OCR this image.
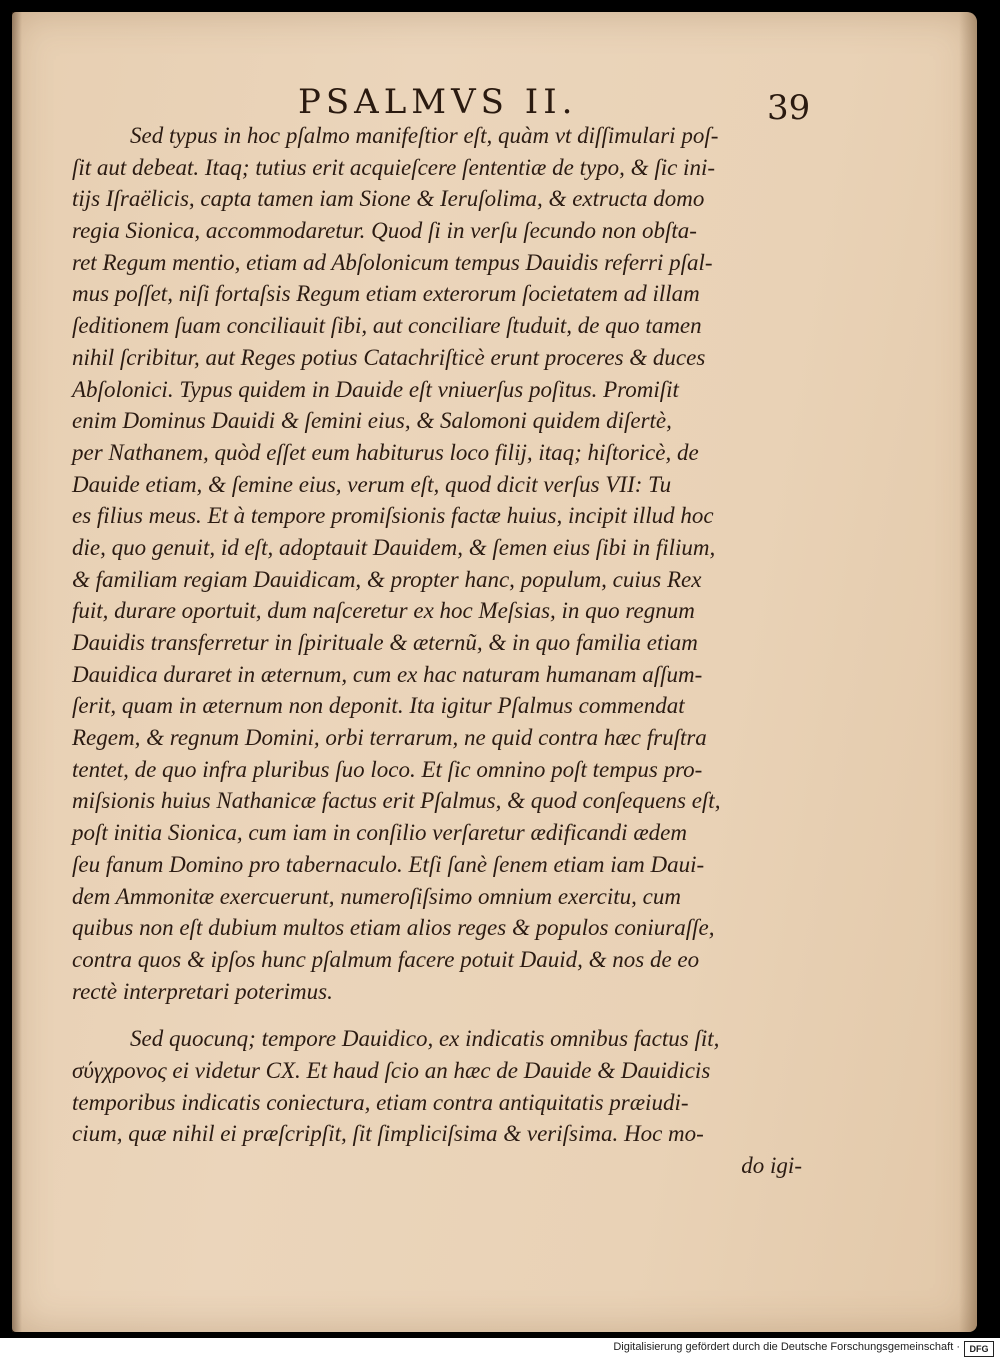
PSALMVS II.	39
Sed typus in hoc pſalmo manifeſtior eſt, quàm vt diſſimulari poſ-
ſit aut debeat. Itaq; tutius erit acquieſcere ſententiæ de typo, & ſic ini-
tijs Iſraëlicis, capta tamen iam Sione & Ieruſolima, & extructa domo
regia Sionica, accommodaretur. Quod ſi in verſu ſecundo non obſta-
ret Regum mentio, etiam ad Abſolonicum tempus Dauidis referri pſal-
mus poſſet, niſi fortaſsis Regum etiam exterorum ſocietatem ad illam
ſeditionem ſuam conciliauit ſibi, aut conciliare ſtuduit, de quo tamen
nihil ſcribitur, aut Reges potius Catachriſticè erunt proceres & duces
Abſolonici. Typus quidem in Dauide eſt vniuerſus poſitus. Promiſit
enim Dominus Dauidi & ſemini eius, & Salomoni quidem diſertè,
per Nathanem, quòd eſſet eum habiturus loco filij, itaq; hiſtoricè, de
Dauide etiam, & ſemine eius, verum eſt, quod dicit verſus VII: Tu
es filius meus. Et à tempore promiſsionis factæ huius, incipit illud hoc
die, quo genuit, id eſt, adoptauit Dauidem, & ſemen eius ſibi in filium,
& familiam regiam Dauidicam, & propter hanc, populum, cuius Rex
fuit, durare oportuit, dum naſceretur ex hoc Meſsias, in quo regnum
Dauidis transferretur in ſpirituale & æternũ, & in quo familia etiam
Dauidica duraret in æternum, cum ex hac naturam humanam aſſum-
ſerit, quam in æternum non deponit. Ita igitur Pſalmus commendat
Regem, & regnum Domini, orbi terrarum, ne quid contra hæc fruſtra
tentet, de quo infra pluribus ſuo loco. Et ſic omnino poſt tempus pro-
miſsionis huius Nathanicæ factus erit Pſalmus, & quod conſequens eſt,
poſt initia Sionica, cum iam in conſilio verſaretur ædificandi ædem
ſeu fanum Domino pro tabernaculo. Etſi ſanè ſenem etiam iam Daui-
dem Ammonitæ exercuerunt, numeroſiſsimo omnium exercitu, cum
quibus non eſt dubium multos etiam alios reges & populos coniuraſſe,
contra quos & ipſos hunc pſalmum facere potuit Dauid, & nos de eo
rectè interpretari poterimus.
Sed quocunq; tempore Dauidico, ex indicatis omnibus factus ſit,
σύγχρονος ei videtur CX. Et haud ſcio an hæc de Dauide & Dauidicis
temporibus indicatis coniectura, etiam contra antiquitatis præiudi-
cium, quæ nihil ei præſcripſit, ſit ſimpliciſsima & veriſsima. Hoc mo-
do igi-
Digitalisierung gefördert durch die Deutsche Forschungsgemeinschaft ·	DFG
